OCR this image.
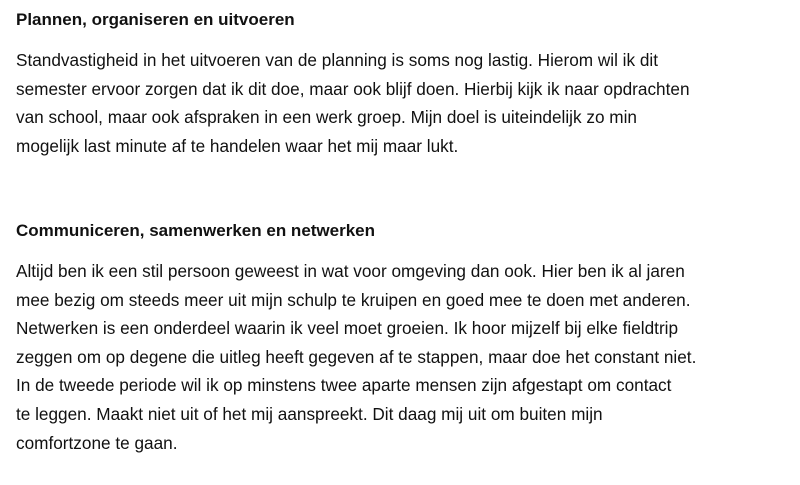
Plannen, organiseren en uitvoeren

Standvastigheid in het uitvoeren van de planning is soms nog lastig. Hierom wil ik dit
semester ervoor zorgen dat ik dit doe, maar ook blijf doen. Hierbij kijk ik naar opdrachten
van school, maar ook afspraken in een werk groep. Mijn doel is uiteindelijk zo min
mogelijk last minute af te handelen waar het mij maar lukt.

Communiceren, samenwerken en netwerken

Altijd ben ik een stil persoon geweest in wat voor omgeving dan ook. Hier ben ik al jaren
mee bezig om steeds meer uit mijn schulp te kruipen en goed mee te doen met anderen.
Netwerken is een onderdeel waarin ik veel moet groeien. Ik hoor mijzelf bij elke fieldtrip
zeggen om op degene die uitleg heeft gegeven af te stappen, maar doe het constant niet.
In de tweede periode wil ik op minstens twee aparte mensen zijn afgestapt om contact
te leggen. Maakt niet uit of het mij aanspreekt. Dit daag mij uit om buiten mijn
comfortzone te gaan.
